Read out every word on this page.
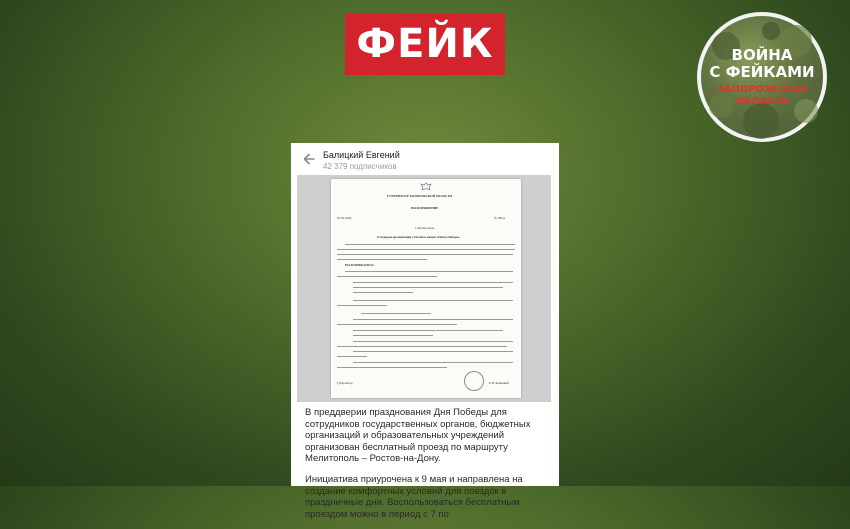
ФЕЙК	ВОЙНА
С ФЕЙКАМИ
ЗАПОРОЖСКАЯ
ОБЛАСТЬ
Балицкий Евгений
42 379 подписчиков
ГУБЕРНАТОР ЗАПОРОЖСКОЙ ОБЛАСТИ
РАСПОРЯЖЕНИЕ
05.05.2026	№ 390-р
г. Мелитополь
О порядке организации участия в акции «Поезд Победы»
РАСПОРЯЖАЮСЬ:
Губернатор	Е.В. Балицкий

В преддверии празднования Дня Победы для сотрудников государственных органов, бюджетных организаций и образовательных учреждений организован бесплатный проезд по маршруту Мелитополь – Ростов-на-Дону.

Инициатива приурочена к 9 мая и направлена на создание комфортных условий для поездок в праздничные дни. Воспользоваться бесплатным проездом можно в период с 7 по
